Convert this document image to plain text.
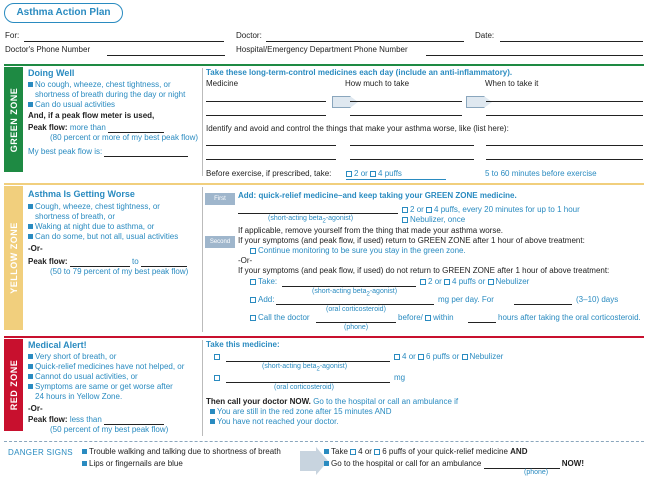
Asthma Action Plan
For:	Doctor:	Date:
Doctor's Phone Number	Hospital/Emergency Department Phone Number
GREEN ZONE
Doing Well
No cough, wheeze, chest tightness, or
shortness of breath during the day or night
Can do usual activities
And, if a peak flow meter is used,
Peak flow: more than
(80 percent or more of my best peak flow)
My best peak flow is:
Take these long-term-control medicines each day (include an anti-inflammatory).
Medicine	How much to take	When to take it
Identify and avoid and control the things that make your asthma worse, like (list here):
Before exercise, if prescribed, take:	2 or 4 puffs	5 to 60 minutes before exercise
YELLOW ZONE
Asthma Is Getting Worse
Cough, wheeze, chest tightness, or
shortness of breath, or
Waking at night due to asthma, or
Can do some, but not all, usual activities
-Or-
Peak flow:	to
(50 to 79 percent of my best peak flow)
First
Second
Add: quick-relief medicine–and keep taking your GREEN ZONE medicine.
2 or 4 puffs, every 20 minutes for up to 1 hour
(short-acting beta$_2$-agonist)	Nebulizer, once
If applicable, remove yourself from the thing that made your asthma worse.
If your symptoms (and peak flow, if used) return to GREEN ZONE after 1 hour of above treatment:
Continue monitoring to be sure you stay in the green zone.
-Or-
If your symptoms (and peak flow, if used) do not return to GREEN ZONE after 1 hour of above treatment:
Take:	2 or 4 puffs or Nebulizer
(short-acting beta$_2$-agonist)
Add:	mg per day. For	(3–10) days
(oral corticosteroid)
Call the doctor	before/ within	hours after taking the oral corticosteroid.
(phone)
RED ZONE
Medical Alert!
Very short of breath, or
Quick-relief medicines have not helped, or
Cannot do usual activities, or
Symptoms are same or get worse after
24 hours in Yellow Zone.
-Or-
Peak flow: less than
(50 percent of my best peak flow)
Take this medicine:
4 or 6 puffs or Nebulizer
(short-acting beta$_2$-agonist)
mg
(oral corticosteroid)
Then call your doctor NOW. Go to the hospital or call an ambulance if
You are still in the red zone after 15 minutes AND
You have not reached your doctor.
DANGER SIGNS	Trouble walking and talking due to shortness of breath
Lips or fingernails are blue
Take 4 or 6 puffs of your quick-relief medicine AND
Go to the hospital or call for an ambulance	NOW!
(phone)
